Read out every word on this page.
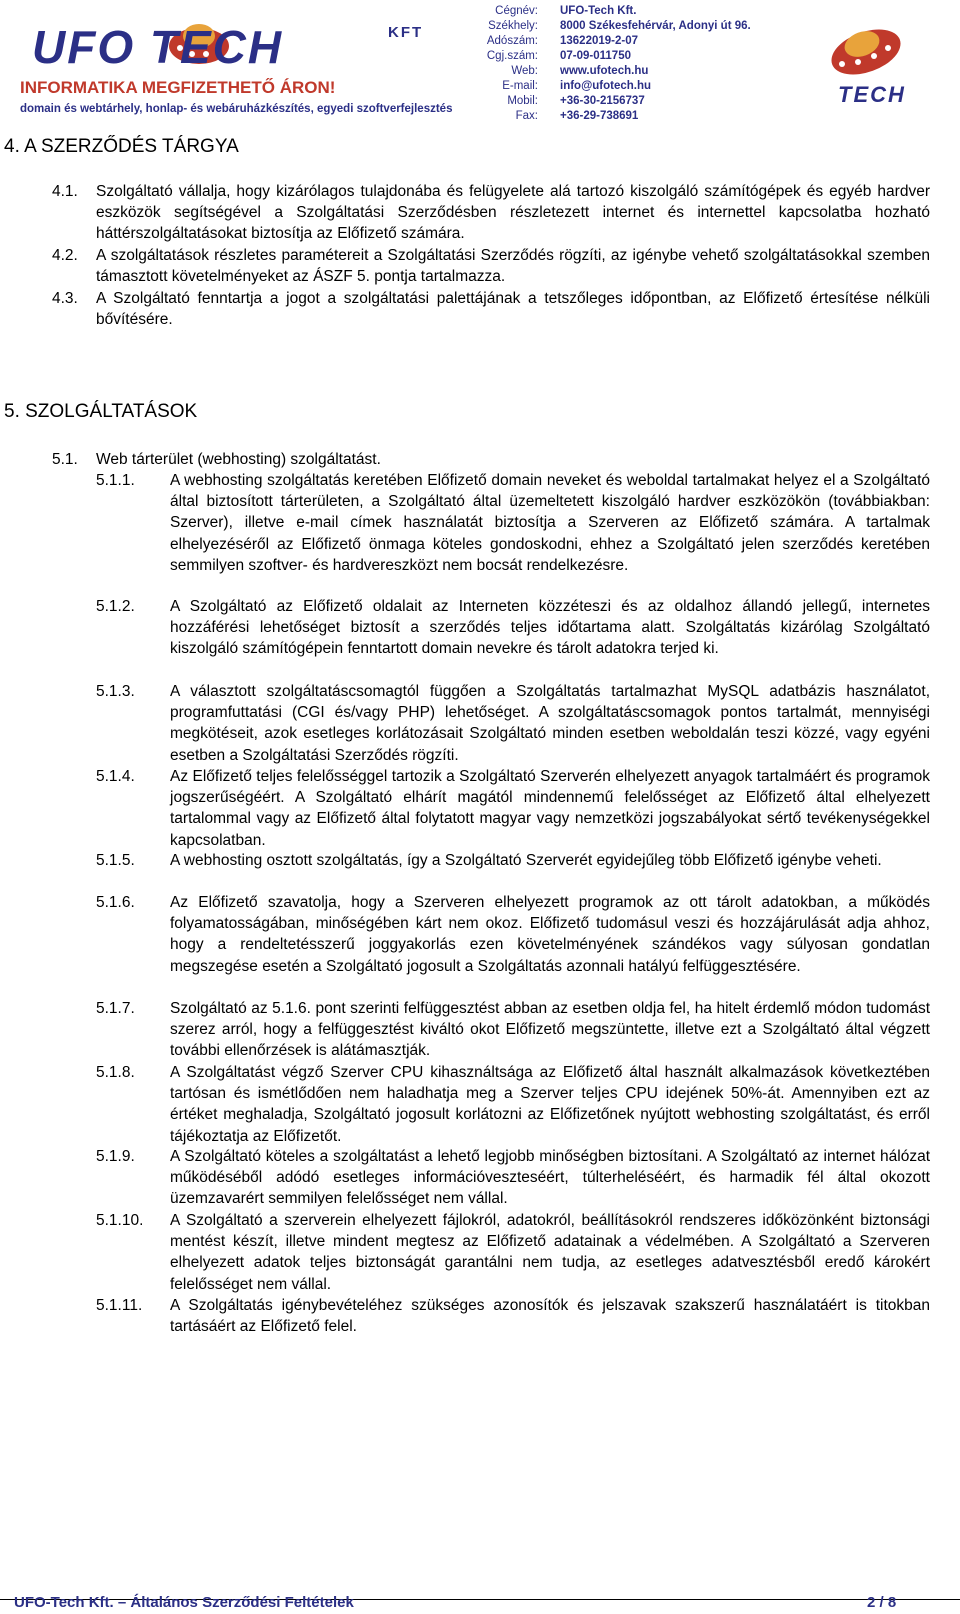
UFO TECH	KFT
INFORMATIKA MEGFIZETHETŐ ÁRON!
domain és webtárhely, honlap- és webáruházkészítés, egyedi szoftverfejlesztés
Cégnév:	UFO-Tech Kft.
Székhely:	8000 Székesfehérvár, Adonyi út 96.
Adószám:	13622019-2-07
Cgj.szám:	07-09-011750
Web:	www.ufotech.hu
E-mail:	info@ufotech.hu
Mobil:	+36-30-2156737
Fax:	+36-29-738691
TECH
4. A SZERZŐDÉS TÁRGYA
4.1. Szolgáltató vállalja, hogy kizárólagos tulajdonába és felügyelete alá tartozó kiszolgáló számítógépek és egyéb hardver eszközök segítségével a Szolgáltatási Szerződésben részletezett internet és internettel kapcsolatba hozható háttérszolgáltatásokat biztosítja az Előfizető számára.
4.2. A szolgáltatások részletes paramétereit a Szolgáltatási Szerződés rögzíti, az igénybe vehető szolgáltatásokkal szemben támasztott követelményeket az ÁSZF 5. pontja tartalmazza.
4.3. A Szolgáltató fenntartja a jogot a szolgáltatási palettájának a tetszőleges időpontban, az Előfizető értesítése nélküli bővítésére.
5. SZOLGÁLTATÁSOK
5.1. Web tárterület (webhosting) szolgáltatást.
5.1.1. A webhosting szolgáltatás keretében Előfizető domain neveket és weboldal tartalmakat helyez el a Szolgáltató által biztosított tárterületen, a Szolgáltató által üzemeltetett kiszolgáló hardver eszközökön (továbbiakban: Szerver), illetve e-mail címek használatát biztosítja a Szerveren az Előfizető számára. A tartalmak elhelyezéséről az Előfizető önmaga köteles gondoskodni, ehhez a Szolgáltató jelen szerződés keretében semmilyen szoftver- és hardvereszközt nem bocsát rendelkezésre.
5.1.2. A Szolgáltató az Előfizető oldalait az Interneten közzéteszi és az oldalhoz állandó jellegű, internetes hozzáférési lehetőséget biztosít a szerződés teljes időtartama alatt. Szolgáltatás kizárólag Szolgáltató kiszolgáló számítógépein fenntartott domain nevekre és tárolt adatokra terjed ki.
5.1.3. A választott szolgáltatáscsomagtól függően a Szolgáltatás tartalmazhat MySQL adatbázis használatot, programfuttatási (CGI és/vagy PHP) lehetőséget. A szolgáltatáscsomagok pontos tartalmát, mennyiségi megkötéseit, azok esetleges korlátozásait Szolgáltató minden esetben weboldalán teszi közzé, vagy egyéni esetben a Szolgáltatási Szerződés rögzíti.
5.1.4. Az Előfizető teljes felelősséggel tartozik a Szolgáltató Szerverén elhelyezett anyagok tartalmáért és programok jogszerűségéért. A Szolgáltató elhárít magától mindennemű felelősséget az Előfizető által elhelyezett tartalommal vagy az Előfizető által folytatott magyar vagy nemzetközi jogszabályokat sértő tevékenységekkel kapcsolatban.
5.1.5. A webhosting osztott szolgáltatás, így a Szolgáltató Szerverét egyidejűleg több Előfizető igénybe veheti.
5.1.6. Az Előfizető szavatolja, hogy a Szerveren elhelyezett programok az ott tárolt adatokban, a működés folyamatosságában, minőségében kárt nem okoz. Előfizető tudomásul veszi és hozzájárulását adja ahhoz, hogy a rendeltetésszerű joggyakorlás ezen követelményének szándékos vagy súlyosan gondatlan megszegése esetén a Szolgáltató jogosult a Szolgáltatás azonnali hatályú felfüggesztésére.
5.1.7. Szolgáltató az 5.1.6. pont szerinti felfüggesztést abban az esetben oldja fel, ha hitelt érdemlő módon tudomást szerez arról, hogy a felfüggesztést kiváltó okot Előfizető megszüntette, illetve ezt a Szolgáltató által végzett további ellenőrzések is alátámasztják.
5.1.8. A Szolgáltatást végző Szerver CPU kihasználtsága az Előfizető által használt alkalmazások következtében tartósan és ismétlődően nem haladhatja meg a Szerver teljes CPU idejének 50%-át. Amennyiben ezt az értéket meghaladja, Szolgáltató jogosult korlátozni az Előfizetőnek nyújtott webhosting szolgáltatást, és erről tájékoztatja az Előfizetőt.
5.1.9. A Szolgáltató köteles a szolgáltatást a lehető legjobb minőségben biztosítani. A Szolgáltató az internet hálózat működéséből adódó esetleges információveszteséért, túlterheléséért, és harmadik fél által okozott üzemzavarért semmilyen felelősséget nem vállal.
5.1.10. A Szolgáltató a szerverein elhelyezett fájlokról, adatokról, beállításokról rendszeres időközönként biztonsági mentést készít, illetve mindent megtesz az Előfizető adatainak a védelmében. A Szolgáltató a Szerveren elhelyezett adatok teljes biztonságát garantálni nem tudja, az esetleges adatvesztésből eredő károkért felelősséget nem vállal.
5.1.11. A Szolgáltatás igénybevételéhez szükséges azonosítók és jelszavak szakszerű használatáért is titokban tartásáért az Előfizető felel.
UFO-Tech Kft. – Általános Szerződési Feltételek	2 / 8
